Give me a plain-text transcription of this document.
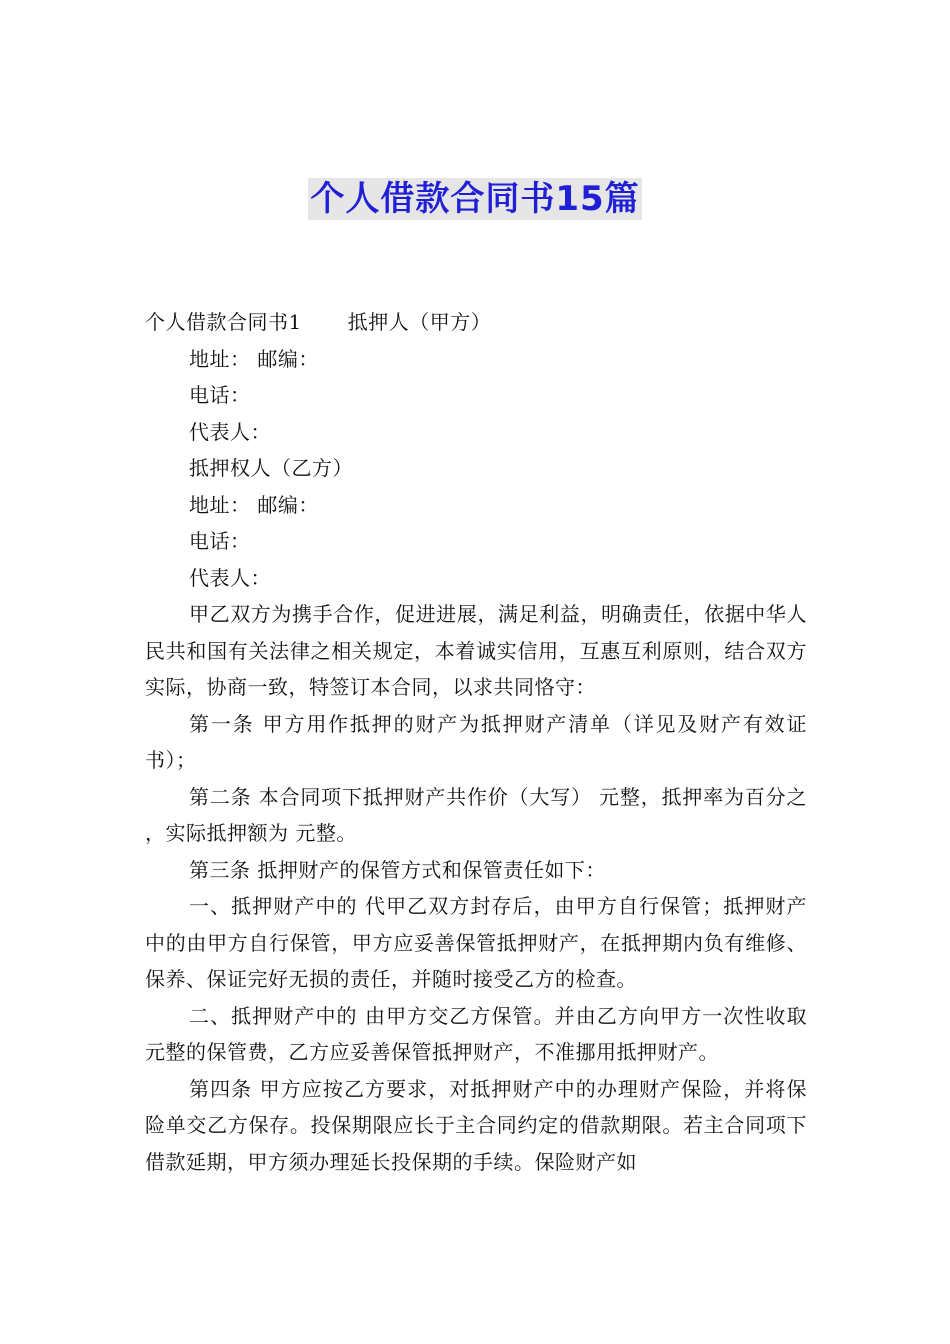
个人借款合同书15篇

个人借款合同书1 抵押人（甲方）

地址： 邮编：

电话：

代表人：

抵押权人（乙方）

地址： 邮编：

电话：

代表人：

甲乙双方为携手合作，促进进展，满足利益，明确责任，依据中华人民共和国有关法律之相关规定，本着诚实信用，互惠互利原则，结合双方实际，协商一致，特签订本合同，以求共同恪守：

第一条 甲方用作抵押的财产为抵押财产清单（详见及财产有效证书）；

第二条 本合同项下抵押财产共作价（大写） 元整，抵押率为百分之 ，实际抵押额为 元整。

第三条 抵押财产的保管方式和保管责任如下：

一、抵押财产中的 代甲乙双方封存后，由甲方自行保管；抵押财产中的由甲方自行保管，甲方应妥善保管抵押财产，在抵押期内负有维修、保养、保证完好无损的责任，并随时接受乙方的检查。

二、抵押财产中的 由甲方交乙方保管。并由乙方向甲方一次性收取 元整的保管费，乙方应妥善保管抵押财产，不准挪用抵押财产。

第四条 甲方应按乙方要求，对抵押财产中的办理财产保险，并将保险单交乙方保存。投保期限应长于主合同约定的借款期限。若主合同项下借款延期，甲方须办理延长投保期的手续。保险财产如
